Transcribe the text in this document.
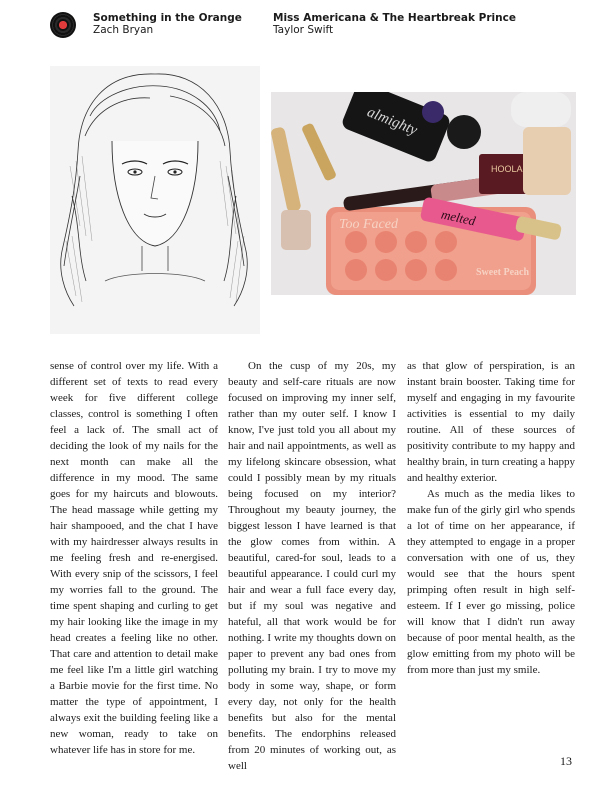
Something in the Orange
Zach Bryan
Miss Americana & The Heartbreak Prince
Taylor Swift
Too Faced
Sweet Peach
almighty
melted
HOOLA

sense of control over my life. With a different set of texts to read every week for five different college classes, control is something I often feel a lack of. The small act of deciding the look of my nails for the next month can make all the difference in my mood. The same goes for my haircuts and blowouts. The head massage while getting my hair shampooed, and the chat I have with my hairdresser always results in me feeling fresh and re-energised. With every snip of the scissors, I feel my worries fall to the ground. The time spent shaping and curling to get my hair looking like the image in my head creates a feeling like no other. That care and attention to detail make me feel like I'm a little girl watching a Barbie movie for the first time. No matter the type of appointment, I always exit the building feeling like a new woman, ready to take on whatever life has in store for me.

On the cusp of my 20s, my beauty and self-care rituals are now focused on improving my inner self, rather than my outer self. I know I know, I've just told you all about my hair and nail appointments, as well as my lifelong skincare obsession, what could I possibly mean by my rituals being focused on my interior? Throughout my beauty journey, the biggest lesson I have learned is that the glow comes from within. A beautiful, cared-for soul, leads to a beautiful appearance. I could curl my hair and wear a full face every day, but if my soul was negative and hateful, all that work would be for nothing. I write my thoughts down on paper to prevent any bad ones from polluting my brain. I try to move my body in some way, shape, or form every day, not only for the health benefits but also for the mental benefits. The endorphins released from 20 minutes of working out, as well

as that glow of perspiration, is an instant brain booster. Taking time for myself and engaging in my favourite activities is essential to my daily routine. All of these sources of positivity contribute to my happy and healthy brain, in turn creating a happy and healthy exterior.

As much as the media likes to make fun of the girly girl who spends a lot of time on her appearance, if they attempted to engage in a proper conversation with one of us, they would see that the hours spent primping often result in high self-esteem. If I ever go missing, police will know that I didn't run away because of poor mental health, as the glow emitting from my photo will be from more than just my smile.

13
